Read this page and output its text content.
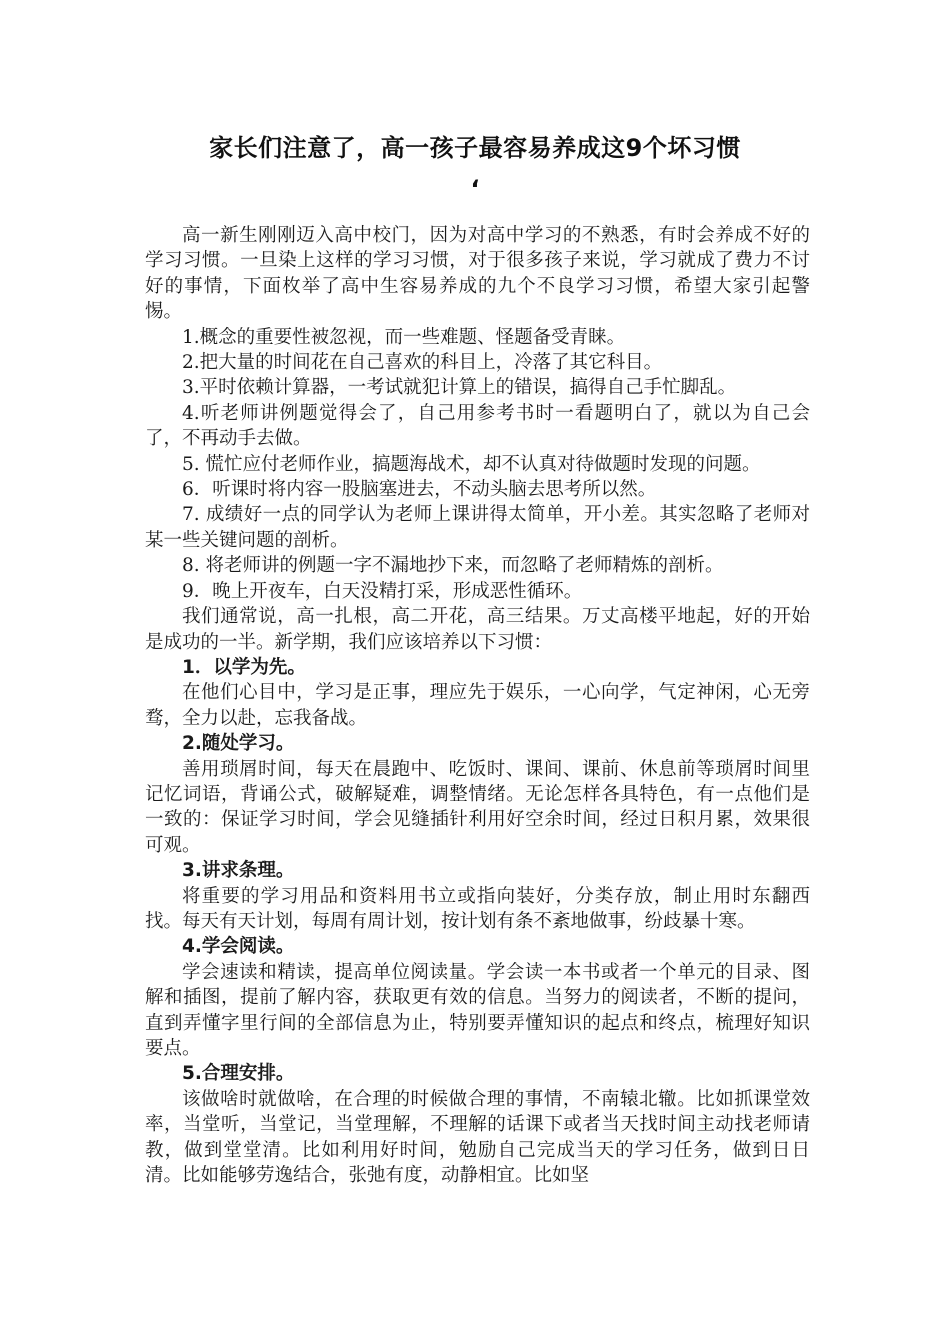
家长们注意了，高一孩子最容易养成这9个坏习惯
‘

高一新生刚刚迈入高中校门，因为对高中学习的不熟悉，有时会养成不好的学习习惯。一旦染上这样的学习习惯，对于很多孩子来说，学习就成了费力不讨好的事情，下面枚举了高中生容易养成的九个不良学习习惯，希望大家引起警惕。

1.概念的重要性被忽视，而一些难题、怪题备受青睐。

2.把大量的时间花在自己喜欢的科目上，冷落了其它科目。

3.平时依赖计算器，一考试就犯计算上的错误，搞得自己手忙脚乱。

4.听老师讲例题觉得会了，自己用参考书时一看题明白了，就以为自己会了，不再动手去做。

5. 慌忙应付老师作业，搞题海战术，却不认真对待做题时发现的问题。

6．听课时将内容一股脑塞进去，不动头脑去思考所以然。

7. 成绩好一点的同学认为老师上课讲得太简单，开小差。其实忽略了老师对某一些关键问题的剖析。

8. 将老师讲的例题一字不漏地抄下来，而忽略了老师精炼的剖析。

9．晚上开夜车，白天没精打采，形成恶性循环。

我们通常说，高一扎根，高二开花，高三结果。万丈高楼平地起，好的开始是成功的一半。新学期，我们应该培养以下习惯：

1．以学为先。

在他们心目中，学习是正事，理应先于娱乐，一心向学，气定神闲，心无旁骛，全力以赴，忘我备战。

2.随处学习。

善用琐屑时间，每天在晨跑中、吃饭时、课间、课前、休息前等琐屑时间里记忆词语，背诵公式，破解疑难，调整情绪。无论怎样各具特色，有一点他们是一致的：保证学习时间，学会见缝插针利用好空余时间，经过日积月累，效果很可观。

3.讲求条理。

将重要的学习用品和资料用书立或指向装好，分类存放，制止用时东翻西找。每天有天计划，每周有周计划，按计划有条不紊地做事，纷歧暴十寒。

4.学会阅读。

学会速读和精读，提高单位阅读量。学会读一本书或者一个单元的目录、图解和插图，提前了解内容，获取更有效的信息。当努力的阅读者，不断的提问，直到弄懂字里行间的全部信息为止，特别要弄懂知识的起点和终点，梳理好知识要点。

5.合理安排。

该做啥时就做啥，在合理的时候做合理的事情，不南辕北辙。比如抓课堂效率，当堂听，当堂记，当堂理解，不理解的话课下或者当天找时间主动找老师请教，做到堂堂清。比如利用好时间，勉励自己完成当天的学习任务，做到日日清。比如能够劳逸结合，张弛有度，动静相宜。比如坚
